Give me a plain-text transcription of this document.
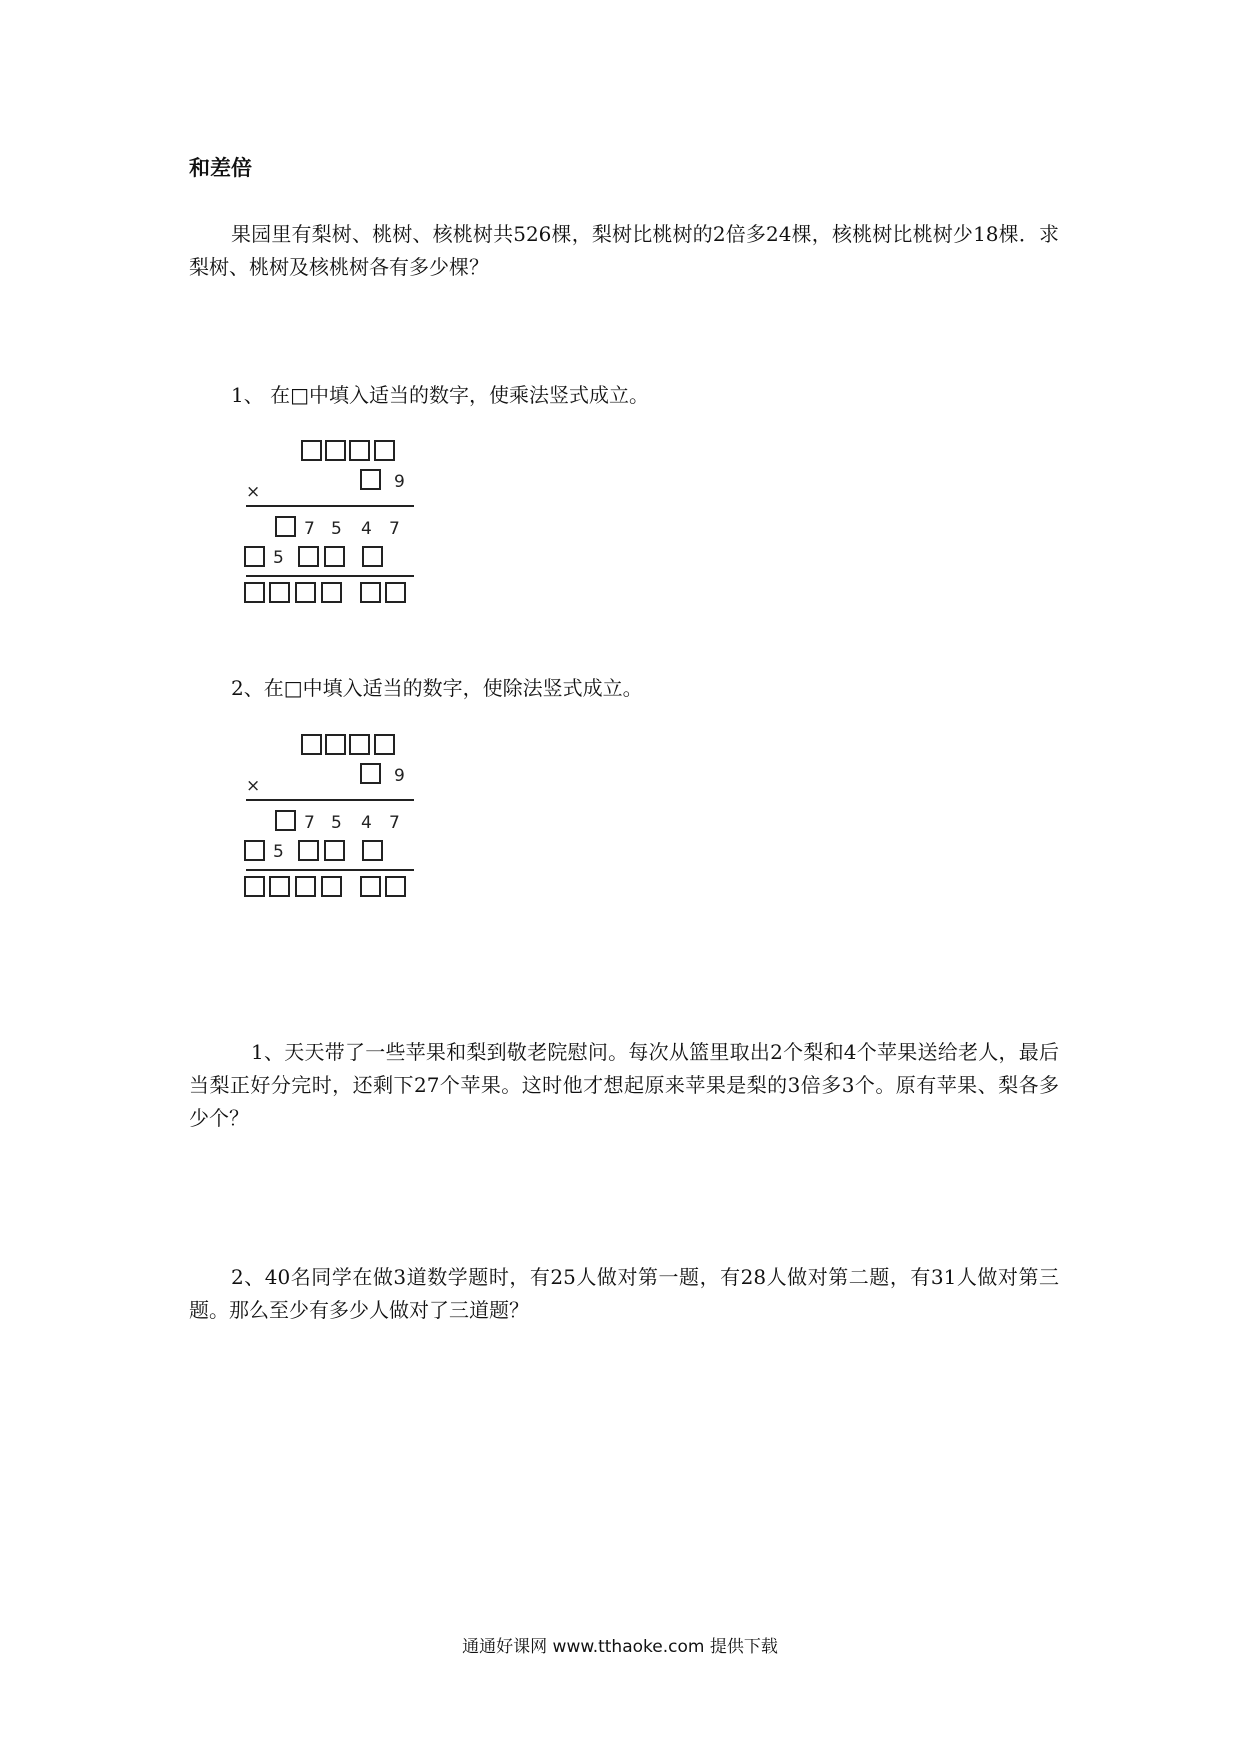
和差倍
果园里有梨树、桃树、核桃树共526棵，梨树比桃树的2倍多24棵，核桃树比桃树少18棵．求梨树、桃树及核桃树各有多少棵？
1、 在□中填入适当的数字，使乘法竖式成立。
×	9
7 5 4 7
5
2、在□中填入适当的数字，使除法竖式成立。
×	9
7 5 4 7
5
1、天天带了一些苹果和梨到敬老院慰问。每次从篮里取出2个梨和4个苹果送给老人，最后当梨正好分完时，还剩下27个苹果。这时他才想起原来苹果是梨的3倍多3个。原有苹果、梨各多少个？
2、40名同学在做3道数学题时，有25人做对第一题，有28人做对第二题，有31人做对第三题。那么至少有多少人做对了三道题？
通通好课网 www.tthaoke.com 提供下载
